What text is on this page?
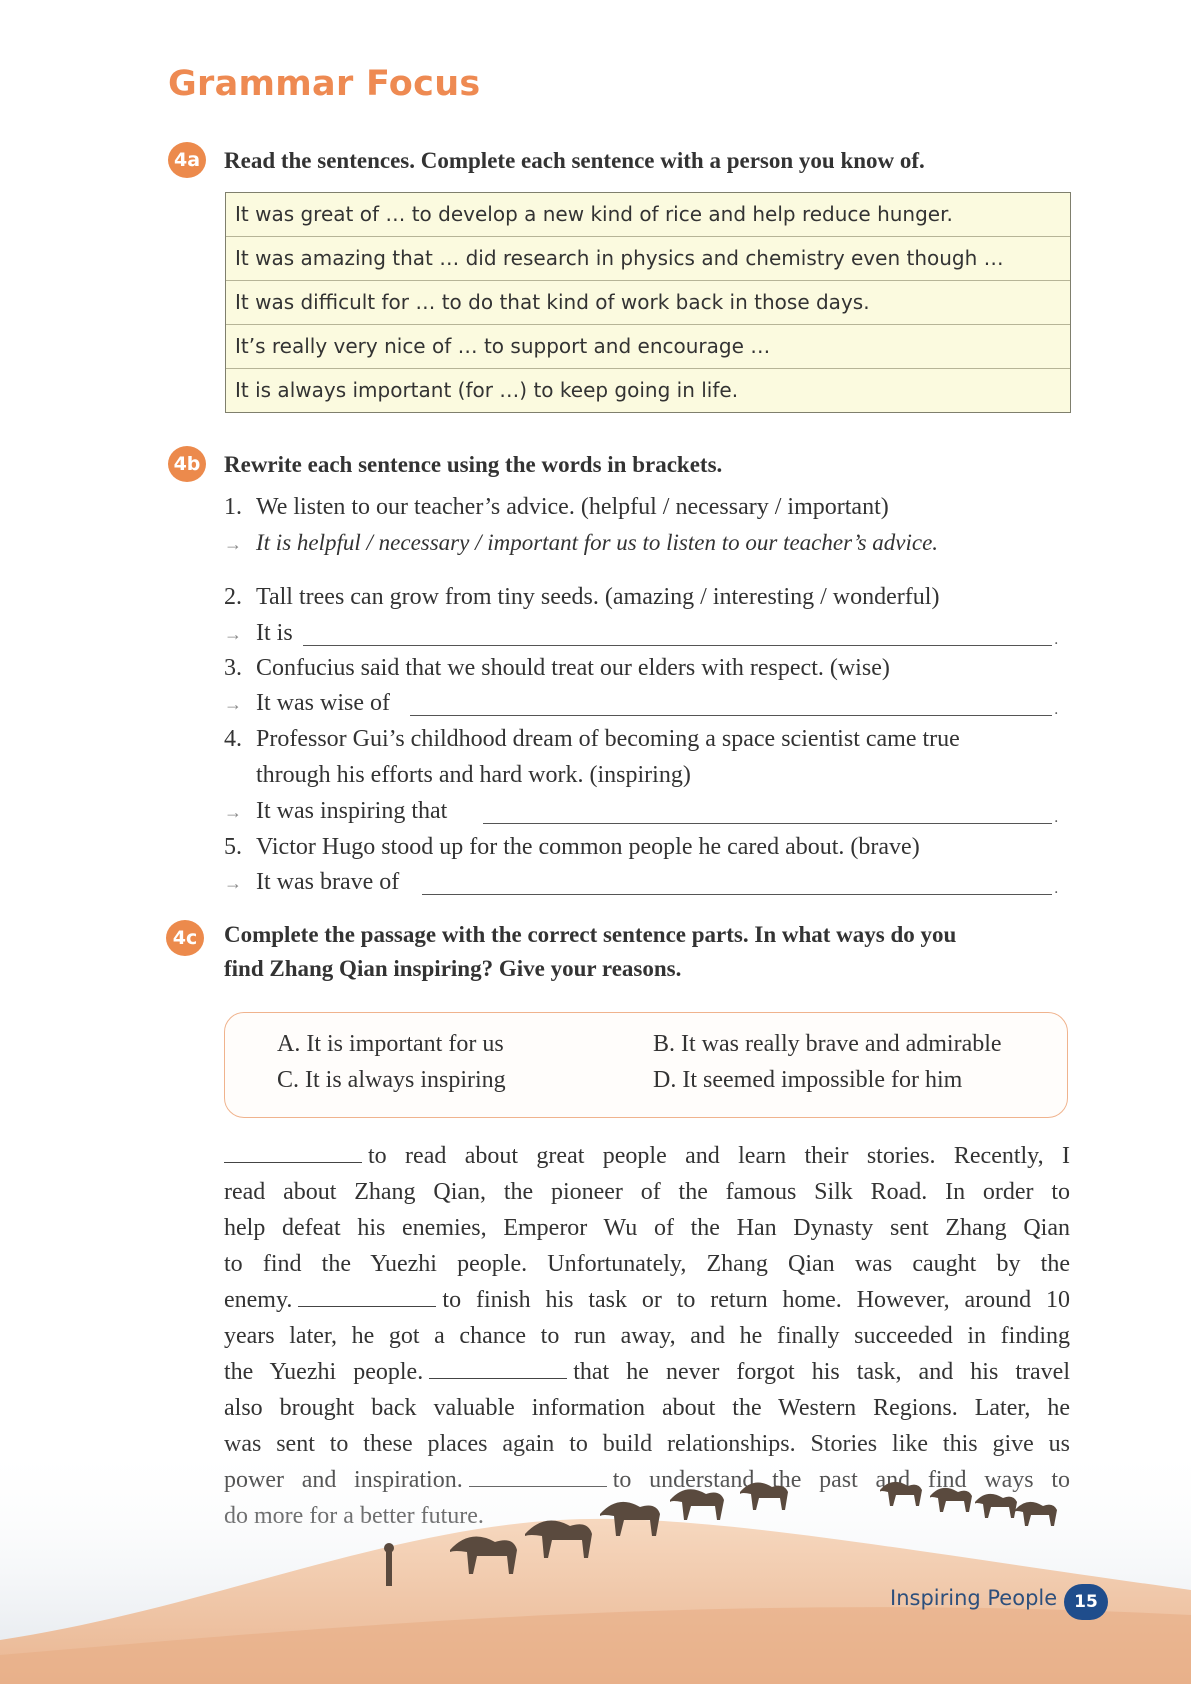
Grammar Focus
4a Read the sentences. Complete each sentence with a person you know of.
It was great of … to develop a new kind of rice and help reduce hunger.
It was amazing that … did research in physics and chemistry even though …
It was difficult for … to do that kind of work back in those days.
It’s really very nice of … to support and encourage …
It is always important (for …) to keep going in life.
4b Rewrite each sentence using the words in brackets.
1. We listen to our teacher’s advice. (helpful / necessary / important)
→ It is helpful / necessary / important for us to listen to our teacher’s advice.
2. Tall trees can grow from tiny seeds. (amazing / interesting / wonderful)
→ It is	.
3. Confucius said that we should treat our elders with respect. (wise)
→ It was wise of	.
4. Professor Gui’s childhood dream of becoming a space scientist came true
through his efforts and hard work. (inspiring)
→ It was inspiring that	.
5. Victor Hugo stood up for the common people he cared about. (brave)
→ It was brave of	.
4c Complete the passage with the correct sentence parts. In what ways do you
find Zhang Qian inspiring? Give your reasons.
A. It is important for us	B. It was really brave and admirable
C. It is always inspiring	D. It seemed impossible for him
to read about great people and learn their stories. Recently, I
read about Zhang Qian, the pioneer of the famous Silk Road. In order to
help defeat his enemies, Emperor Wu of the Han Dynasty sent Zhang Qian
to find the Yuezhi people. Unfortunately, Zhang Qian was caught by the
enemy.	to finish his task or to return home. However, around 10
years later, he got a chance to run away, and he finally succeeded in finding
the Yuezhi people.	that he never forgot his task, and his travel
also brought back valuable information about the Western Regions. Later, he
Inspiring People 15
